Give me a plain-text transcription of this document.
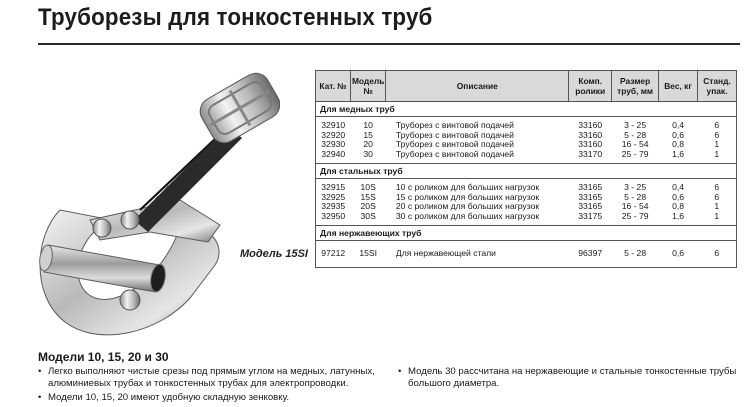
Труборезы для тонкостенных труб
Модель 15SI
Кат. №	Модель №	Описание	Комп. ролики	Размер труб, мм	Вес, кг	Станд. упак.
Для медных труб						
32910	10	Труборез с винтовой подачей	33160	3 - 25	0,4	6
32920	15	Труборез с винтовой подачей	33160	5 - 28	0,6	6
32930	20	Труборез с винтовой подачей	33160	16 - 54	0,8	1
32940	30	Труборез с винтовой подачей	33170	25 - 79	1,6	1
Для стальных труб						
32915	10S	10 с роликом для больших нагрузок	33165	3 - 25	0,4	6
32925	15S	15 с роликом для больших нагрузок	33165	5 - 28	0,6	6
32935	20S	20 с роликом для больших нагрузок	33165	16 - 54	0,8	1
32950	30S	30 с роликом для больших нагрузок	33175	25 - 79	1,6	1
Для нержавеющих труб						
97212	15SI	Для нержавеющей стали	96397	5 - 28	0,6	6
Модели 10, 15, 20 и 30
• Легко выполняют чистые срезы под прямым углом на медных, латунных, алюминиевых трубах и тонкостенных трубах для электропроводки.
• Модели 10, 15, 20 имеют удобную складную зенковку.
• Модель 30 рассчитана на нержавеющие и стальные тонкостенные трубы большого диаметра.
